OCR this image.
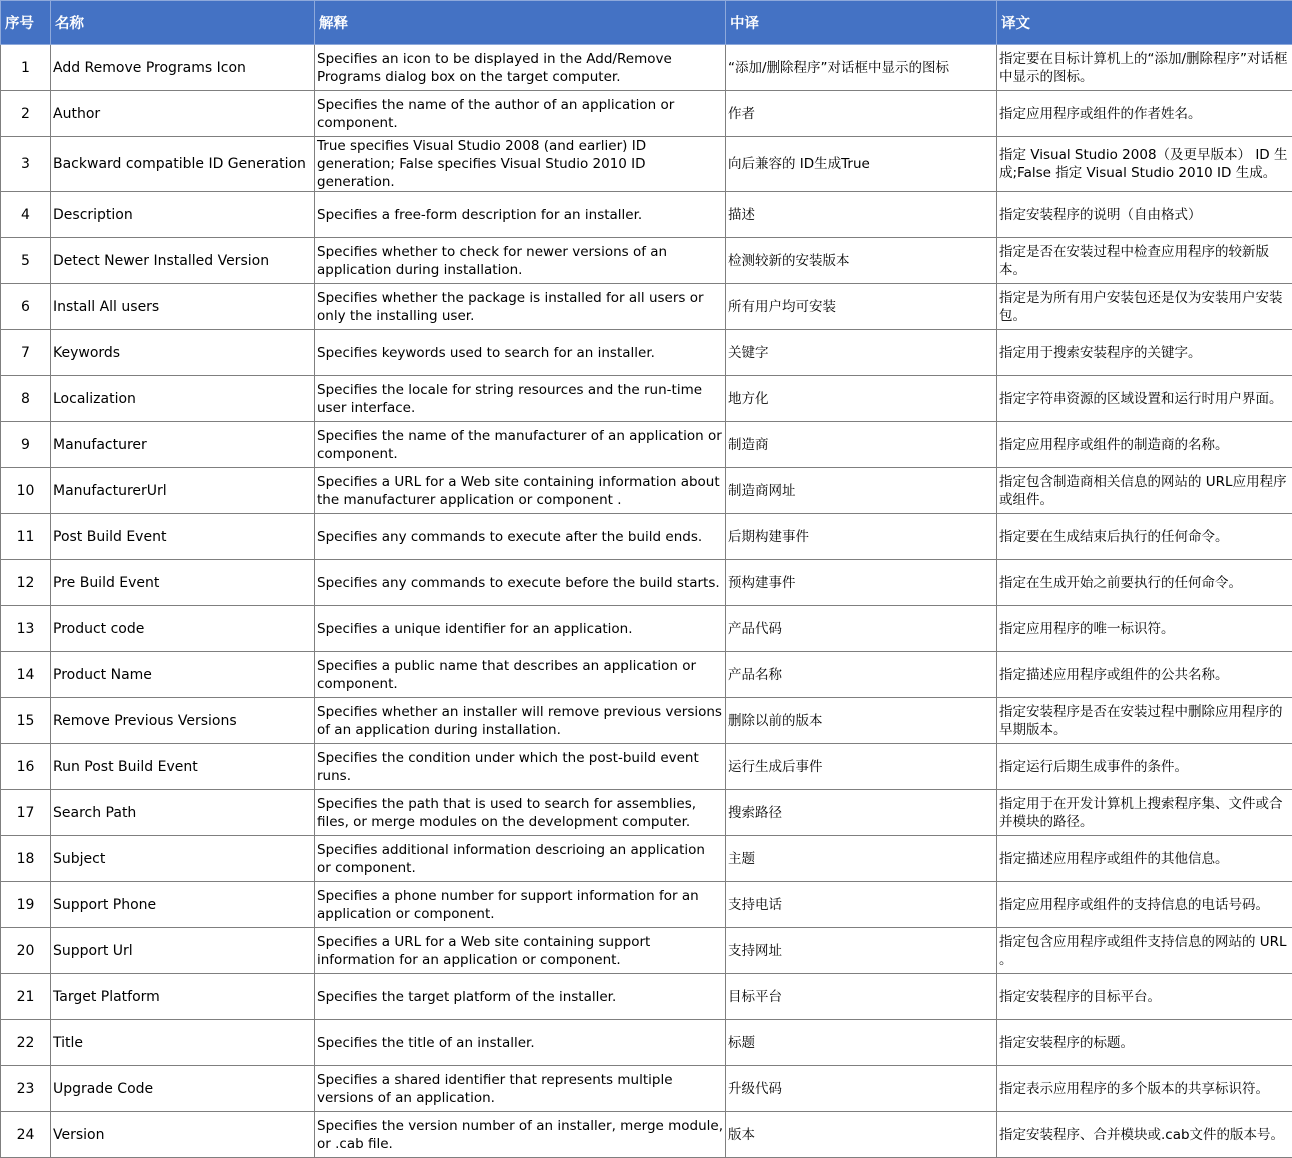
序号	名称	解释	中译	译文
1	Add Remove Programs Icon	Specifies an icon to be displayed in the Add/Remove Programs dialog box on the target computer.	“添加/删除程序”对话框中显示的图标	指定要在目标计算机上的“添加/删除程序”对话框中显示的图标。
2	Author	Specifies the name of the author of an application or component.	作者	指定应用程序或组件的作者姓名。
3	Backward compatible ID Generation	True specifies Visual Studio 2008 (and earlier) ID generation; False specifies Visual Studio 2010 ID generation.	向后兼容的 ID生成True	指定 Visual Studio 2008（及更早版本） ID 生成;False 指定 Visual Studio 2010 ID 生成。
4	Description	Specifies a free-form description for an installer.	描述	指定安装程序的说明（自由格式）
5	Detect Newer Installed Version	Specifies whether to check for newer versions of an application during installation.	检测较新的安装版本	指定是否在安装过程中检查应用程序的较新版本。
6	Install All users	Specifies whether the package is installed for all users or only the installing user.	所有用户均可安装	指定是为所有用户安装包还是仅为安装用户安装包。
7	Keywords	Specifies keywords used to search for an installer.	关键字	指定用于搜索安装程序的关键字。
8	Localization	Specifies the locale for string resources and the run-time user interface.	地方化	指定字符串资源的区域设置和运行时用户界面。
9	Manufacturer	Specifies the name of the manufacturer of an application or component.	制造商	指定应用程序或组件的制造商的名称。
10	ManufacturerUrl	Specifies a URL for a Web site containing information about the manufacturer application or component .	制造商网址	指定包含制造商相关信息的网站的 URL应用程序或组件。
11	Post Build Event	Specifies any commands to execute after the build ends.	后期构建事件	指定要在生成结束后执行的任何命令。
12	Pre Build Event	Specifies any commands to execute before the build starts.	预构建事件	指定在生成开始之前要执行的任何命令。
13	Product code	Specifies a unique identifier for an application.	产品代码	指定应用程序的唯一标识符。
14	Product Name	Specifies a public name that describes an application or component.	产品名称	指定描述应用程序或组件的公共名称。
15	Remove Previous Versions	Specifies whether an installer will remove previous versions of an application during installation.	删除以前的版本	指定安装程序是否在安装过程中删除应用程序的早期版本。
16	Run Post Build Event	Specifies the condition under which the post-build event runs.	运行生成后事件	指定运行后期生成事件的条件。
17	Search Path	Specifies the path that is used to search for assemblies, files, or merge modules on the development computer.	搜索路径	指定用于在开发计算机上搜索程序集、文件或合并模块的路径。
18	Subject	Specifies additional information descrioing an application or component.	主题	指定描述应用程序或组件的其他信息。
19	Support Phone	Specifies a phone number for support information for an application or component.	支持电话	指定应用程序或组件的支持信息的电话号码。
20	Support Url	Specifies a URL for a Web site containing support information for an application or component.	支持网址	指定包含应用程序或组件支持信息的网站的 URL 。
21	Target Platform	Specifies the target platform of the installer.	目标平台	指定安装程序的目标平台。
22	Title	Specifies the title of an installer.	标题	指定安装程序的标题。
23	Upgrade Code	Specifies a shared identifier that represents multiple versions of an application.	升级代码	指定表示应用程序的多个版本的共享标识符。
24	Version	Specifies the version number of an installer, merge module, or .cab file.	版本	指定安装程序、合并模块或.cab文件的版本号。
